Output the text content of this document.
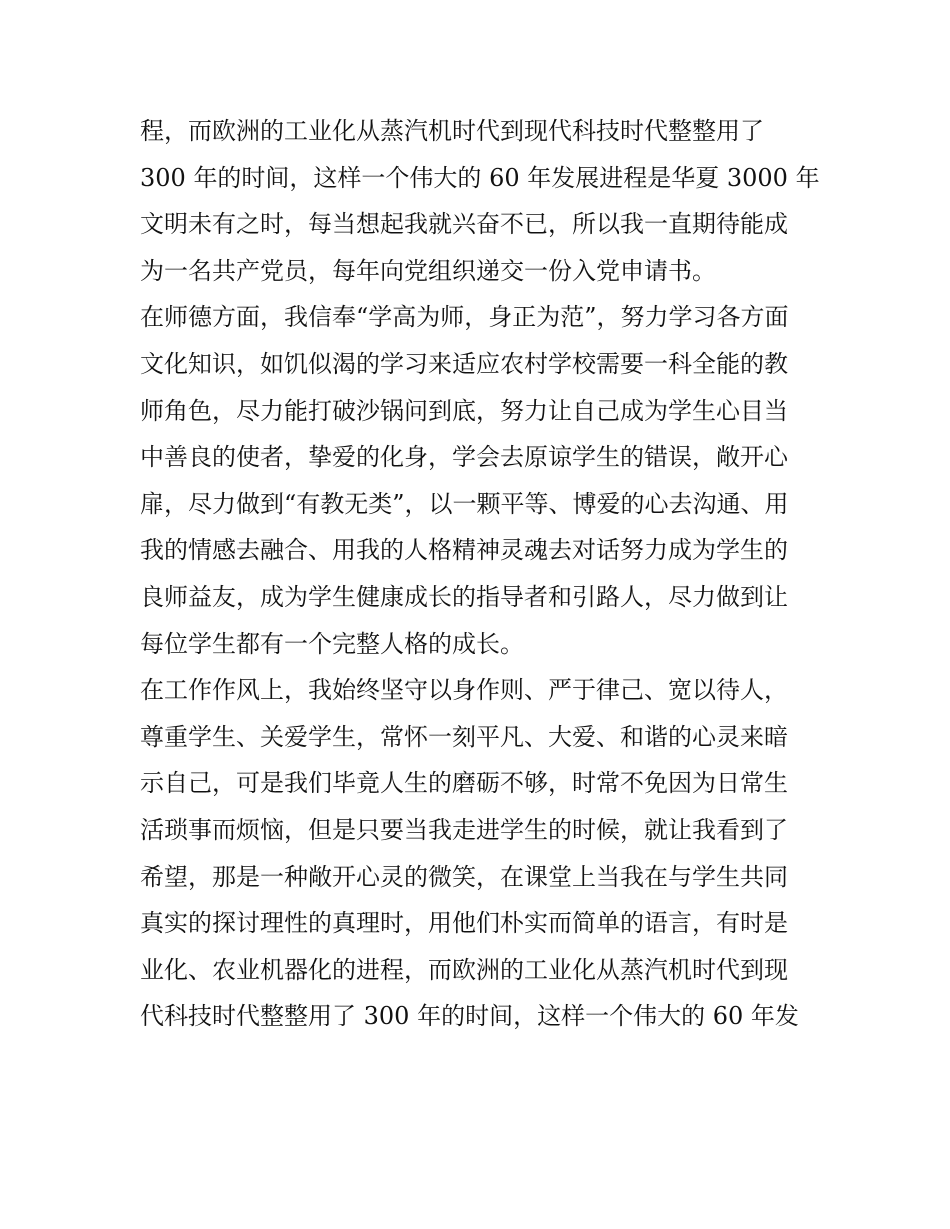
程，而欧洲的工业化从蒸汽机时代到现代科技时代整整用了
300 年的时间，这样一个伟大的 60 年发展进程是华夏 3000 年
文明未有之时，每当想起我就兴奋不已，所以我一直期待能成
为一名共产党员，每年向党组织递交一份入党申请书。
在师德方面，我信奉“学高为师，身正为范”，努力学习各方面
文化知识，如饥似渴的学习来适应农村学校需要一科全能的教
师角色，尽力能打破沙锅问到底，努力让自己成为学生心目当
中善良的使者，挚爱的化身，学会去原谅学生的错误，敞开心
扉，尽力做到“有教无类”，以一颗平等、博爱的心去沟通、用
我的情感去融合、用我的人格精神灵魂去对话努力成为学生的
良师益友，成为学生健康成长的指导者和引路人，尽力做到让
每位学生都有一个完整人格的成长。
在工作作风上，我始终坚守以身作则、严于律己、宽以待人，
尊重学生、关爱学生，常怀一刻平凡、大爱、和谐的心灵来暗
示自己，可是我们毕竟人生的磨砺不够，时常不免因为日常生
活琐事而烦恼，但是只要当我走进学生的时候，就让我看到了
希望，那是一种敞开心灵的微笑，在课堂上当我在与学生共同
真实的探讨理性的真理时，用他们朴实而简单的语言，有时是
业化、农业机器化的进程，而欧洲的工业化从蒸汽机时代到现
代科技时代整整用了 300 年的时间，这样一个伟大的 60 年发
